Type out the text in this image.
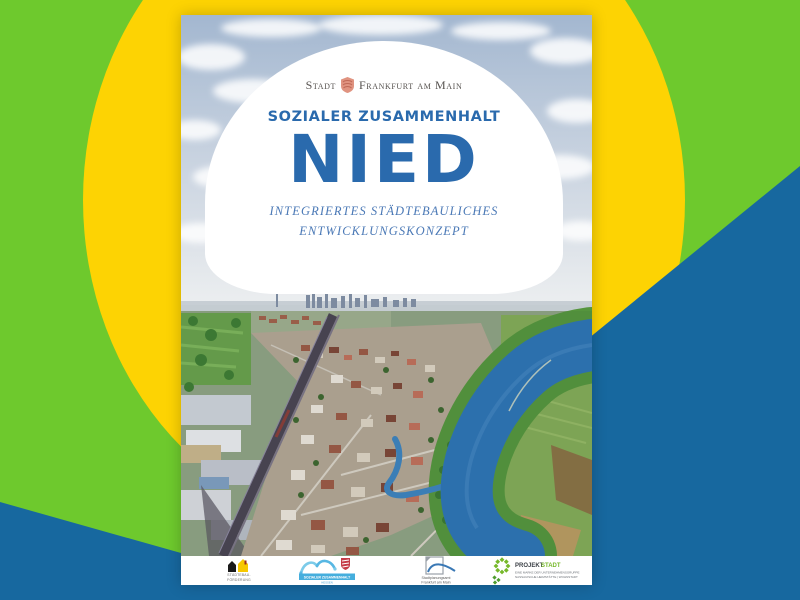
Stadt Frankfurt am Main
SOZIALER ZUSAMMENHALT
NIED
INTEGRIERTES STÄDTEBAULICHES
ENTWICKLUNGSKONZEPT
STÄDTEBAU-
FÖRDERUNG
SOZIALER ZUSAMMENHALT
HESSEN
Stadtplanungsamt
Frankfurt am Main
PROJEKT
STADT
EINE MARKE DER UNTERNEHMENSGRUPPE
NASSAUISCHE HEIMSTÄTTE | WOHNSTADT
